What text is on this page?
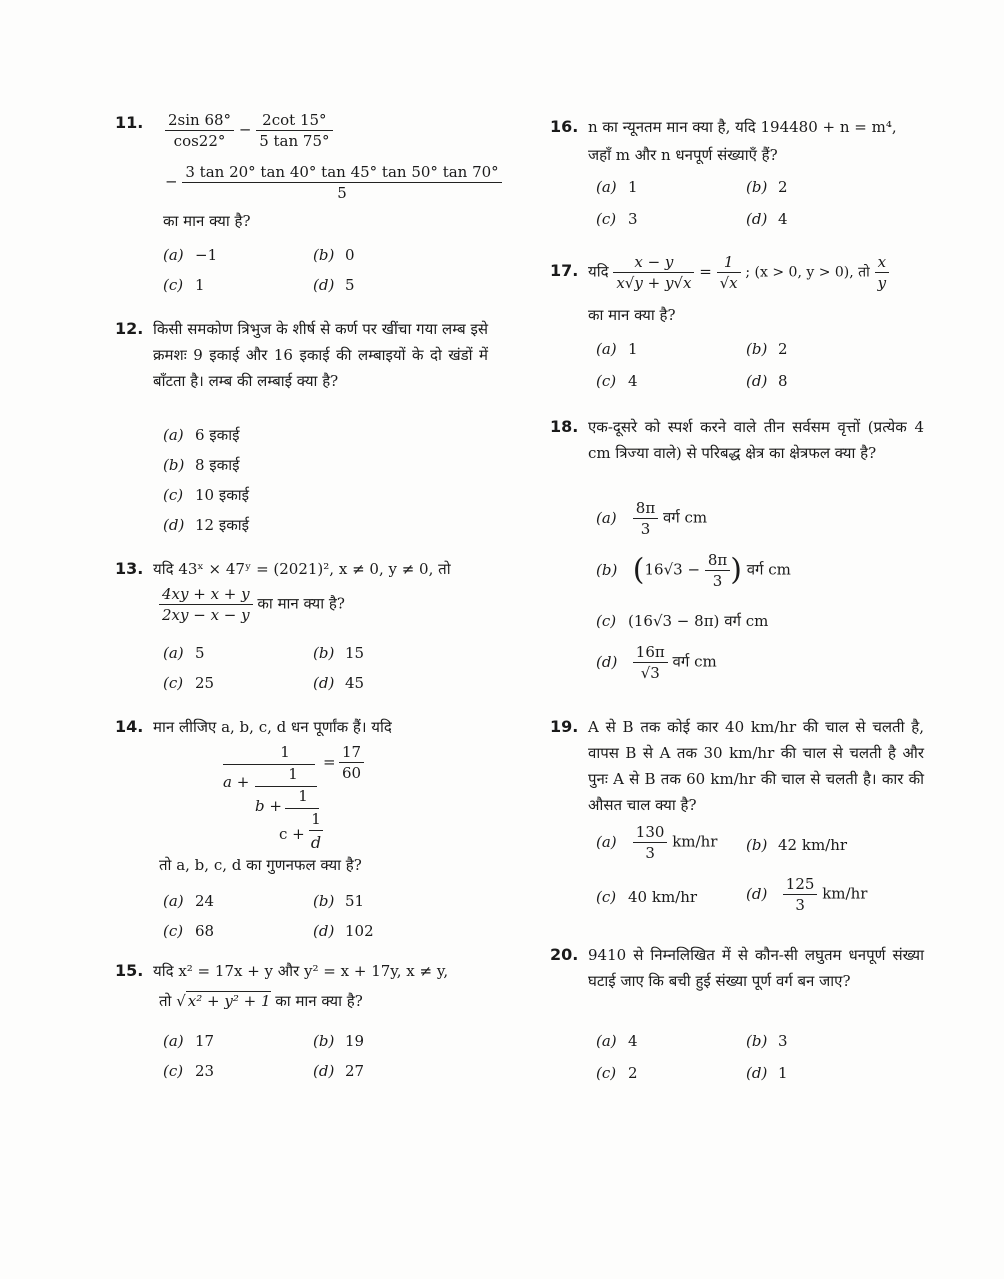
11. $\frac{2\sin 68^\circ}{\cos 22^\circ} - \frac{2\cot 15^\circ}{5 \tan 75^\circ}$
− $\frac{3 \tan 20^\circ \tan 40^\circ \tan 45^\circ \tan 50^\circ \tan 70^\circ}{5}$
का मान क्या है?
(a) −1	(b) 0
(c) 1	(d) 5
12. किसी समकोण त्रिभुज के शीर्ष से कर्ण पर खींचा गया लम्ब इसे क्रमशः 9 इकाई और 16 इकाई की लम्बाइयों के दो खंडों में बाँटता है। लम्ब की लम्बाई क्या है?
(a) 6 इकाई
(b) 8 इकाई
(c) 10 इकाई
(d) 12 इकाई
13. यदि 43ˣ × 47ʸ = (2021)², x ≠ 0, y ≠ 0, तो
$\frac{4xy + x + y}{2xy - x - y}$ का मान क्या है?
(a) 5	(b) 15
(c) 25	(d) 45
14. मान लीजिए a, b, c, d धन पूर्णांक हैं। यदि
1
a +	1
b +
1
c +
1
d
= $\frac{17}{60}$
तो a, b, c, d का गुणनफल क्या है?
(a) 24	(b) 51
(c) 68	(d) 102
15. यदि x² = 17x + y और y² = x + 17y, x ≠ y,
तो √ x² + y² + 1 का मान क्या है?
(a) 17	(b) 19
(c) 23	(d) 27
16. n का न्यूनतम मान क्या है, यदि 194480 + n = m⁴,
जहाँ m और n धनपूर्ण संख्याएँ हैं?
(a) 1	(b) 2
(c) 3	(d) 4
17. यदि $\frac{x - y}{x√y + y√x} = \frac{1}{√x}$ ; (x > 0, y > 0), तो $\frac{x}{y}$
का मान क्या है?
(a) 1	(b) 2
(c) 4	(d) 8
18. एक-दूसरे को स्पर्श करने वाले तीन सर्वसम वृत्तों (प्रत्येक 4 cm त्रिज्या वाले) से परिबद्ध क्षेत्र का क्षेत्रफल क्या है?
$(a) \frac{8\pi}{3}$ वर्ग cm
(b) ($16√3 - \frac{8\pi}{3}$ ) वर्ग cm
(c) (16√3 − 8π) वर्ग cm
$(d) \frac{16\pi}{√3}$ वर्ग cm
19. A से B तक कोई कार 40 km/hr की चाल से चलती है, वापस B से A तक 30 km/hr की चाल से चलती है और पुनः A से B तक 60 km/hr की चाल से चलती है। कार की औसत चाल क्या है?
$(a) \frac{130}{3} km/hr$ (b) 42 km/hr
(c) 40 km/hr	$(d) \frac{125}{3} km/hr$
20. 9410 से निम्नलिखित में से कौन-सी लघुतम धनपूर्ण संख्या घटाई जाए कि बची हुई संख्या पूर्ण वर्ग बन जाए?
(a) 4	(b) 3
(c) 2	(d) 1
